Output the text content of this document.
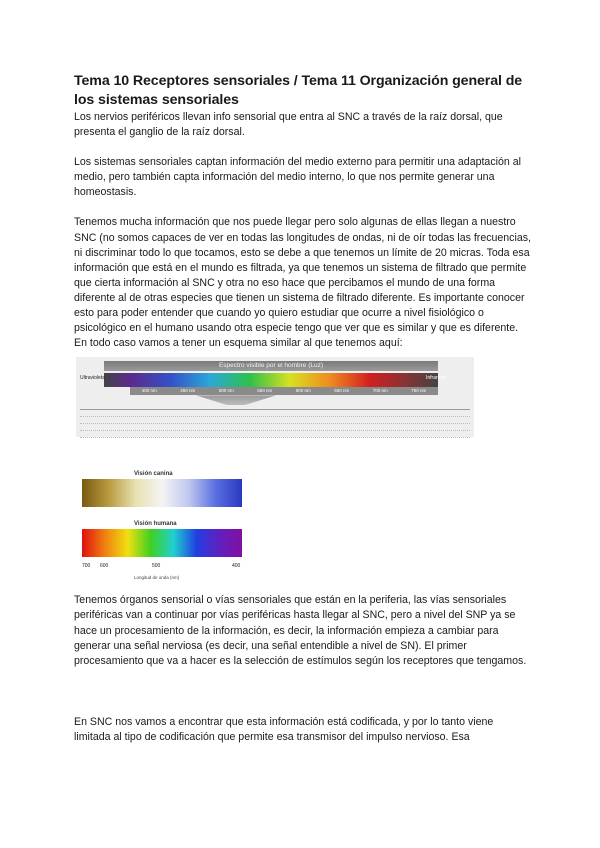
Tema 10 Receptores sensoriales / Tema 11 Organización general de los sistemas sensoriales

Los nervios periféricos llevan info sensorial que entra al SNC a través de la raíz dorsal, que presenta el ganglio de la raíz dorsal.

Los sistemas sensoriales captan información del medio externo para permitir una adaptación al medio, pero también capta información del medio interno, lo que nos permite generar una homeostasis.

Tenemos mucha información que nos puede llegar pero solo algunas de ellas llegan a nuestro SNC (no somos capaces de ver en todas las longitudes de ondas, ni de oír todas las frecuencias, ni discriminar todo lo que tocamos, esto se debe a que tenemos un límite de 20 micras. Toda esa información que está en el mundo es filtrada, ya que tenemos un sistema de filtrado que permite que cierta información al SNC y otra no eso hace que percibamos el mundo de una forma diferente al de otras especies que tienen un sistema de filtrado diferente. Es importante conocer esto para poder entender que cuando yo quiero estudiar que ocurre a nivel fisiológico o psicológico en el humano usando otra especie tengo que ver que es similar y que es diferente. En todo caso vamos a tener un esquema similar al que tenemos aquí:

Espectro visible por el hombre (Luz)
Ultravioleta	Infrarrojo
400 nm	450 nm	500 nm	550 nm	600 nm	650 nm	700 nm	750 nm
Visión canina
Visión humana
700 600	500	400
Longitud de onda (nm)

Tenemos órganos sensorial o vías sensoriales que están en la periferia, las vías sensoriales periféricas van a continuar por vías periféricas hasta llegar al SNC, pero a nivel del SNP ya se hace un procesamiento de la información, es decir, la información empieza a cambiar para generar una señal nerviosa (es decir, una señal entendible a nivel de SN). El primer procesamiento que va a hacer es la selección de estímulos según los receptores que tengamos.

En SNC nos vamos a encontrar que esta información está codificada, y por lo tanto viene limitada al tipo de codificación que permite esa transmisor del impulso nervioso. Esa
